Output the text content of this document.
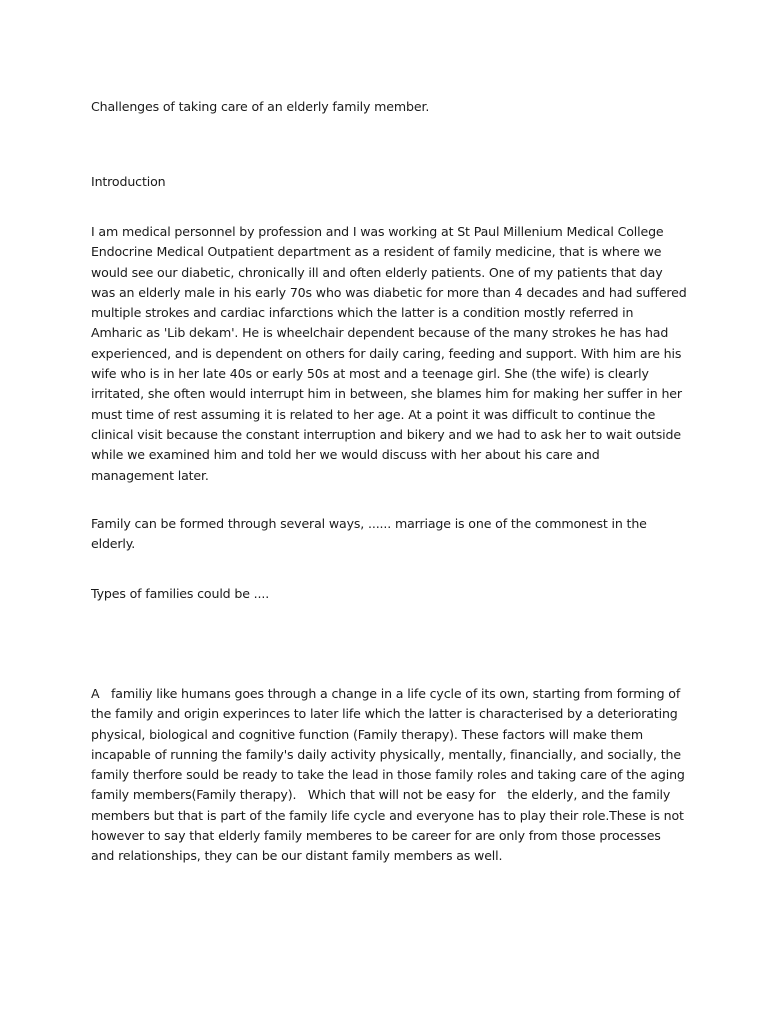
Challenges of taking care of an elderly family member.

Introduction

I am medical personnel by profession and I was working at St Paul Millenium Medical College
Endocrine Medical Outpatient department as a resident of family medicine, that is where we
would see our diabetic, chronically ill and often elderly patients. One of my patients that day
was an elderly male in his early 70s who was diabetic for more than 4 decades and had suffered
multiple strokes and cardiac infarctions which the latter is a condition mostly referred in
Amharic as 'Lib dekam'. He is wheelchair dependent because of the many strokes he has had
experienced, and is dependent on others for daily caring, feeding and support. With him are his
wife who is in her late 40s or early 50s at most and a teenage girl. She (the wife) is clearly
irritated, she often would interrupt him in between, she blames him for making her suffer in her
must time of rest assuming it is related to her age. At a point it was difficult to continue the
clinical visit because the constant interruption and bikery and we had to ask her to wait outside
while we examined him and told her we would discuss with her about his care and
management later.

Family can be formed through several ways, ...... marriage is one of the commonest in the
elderly.

Types of families could be ....

A   familiy like humans goes through a change in a life cycle of its own, starting from forming of
the family and origin experinces to later life which the latter is characterised by a deteriorating
physical, biological and cognitive function (Family therapy). These factors will make them
incapable of running the family's daily activity physically, mentally, financially, and socially, the
family therfore sould be ready to take the lead in those family roles and taking care of the aging
family members(Family therapy).   Which that will not be easy for   the elderly, and the family
members but that is part of the family life cycle and everyone has to play their role.These is not
however to say that elderly family memberes to be career for are only from those processes
and relationships, they can be our distant family members as well.
